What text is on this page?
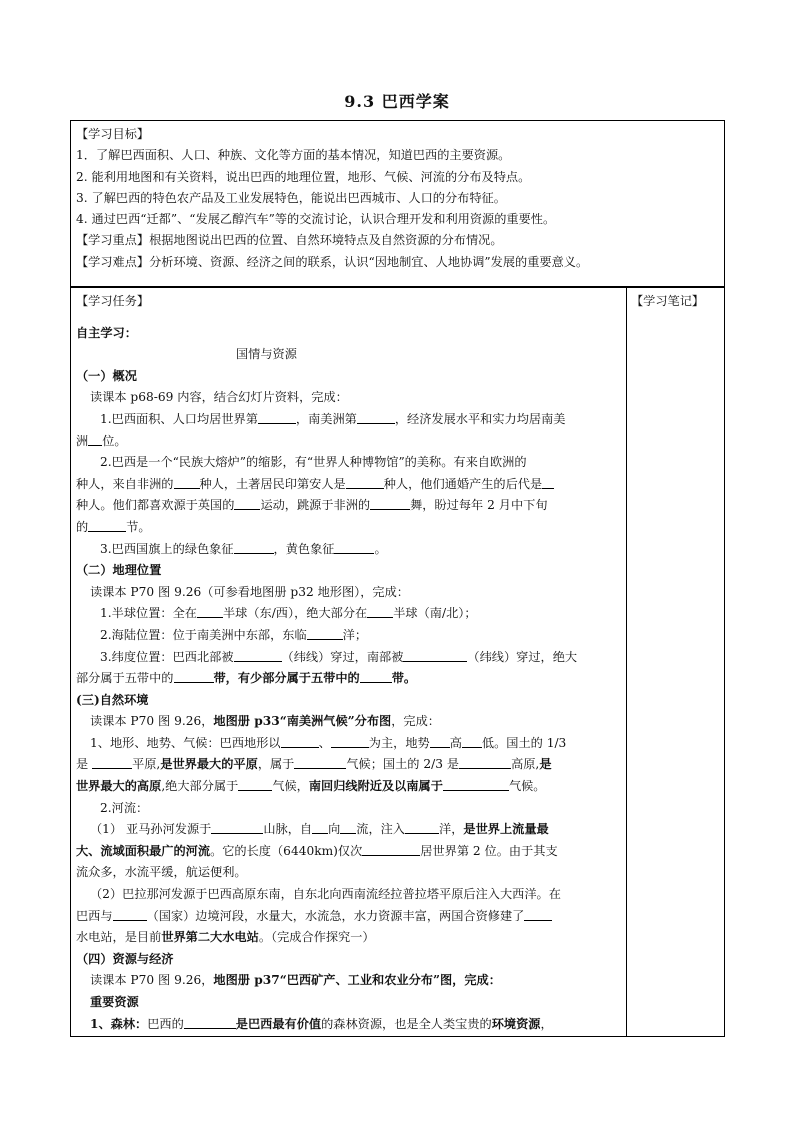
9.3 巴西学案
【学习目标】
1．了解巴西面积、人口、种族、文化等方面的基本情况，知道巴西的主要资源。
2. 能利用地图和有关资料，说出巴西的地理位置，地形、气候、河流的分布及特点。
3. 了解巴西的特色农产品及工业发展特色，能说出巴西城市、人口的分布特征。
4. 通过巴西“迁都”、“发展乙醇汽车”等的交流讨论，认识合理开发和利用资源的重要性。
【学习重点】根据地图说出巴西的位置、自然环境特点及自然资源的分布情况。
【学习难点】分析环境、资源、经济之间的联系，认识“因地制宜、人地协调”发展的重要意义。
【学习任务】
自主学习：
国情与资源
（一）概况
读课本 p68-69 内容，结合幻灯片资料，完成：
1.巴西面积、人口均居世界第	，南美洲第	，经济发展水平和实力均居南美
洲 位。
2.巴西是一个“民族大熔炉”的缩影，有“世界人种博物馆”的美称。有来自欧洲的
种人，来自非洲的 种人，土著居民印第安人是	种人，他们通婚产生的后代是
种人。他们都喜欢源于英国的 运动，跳源于非洲的	舞，盼过每年 2 月中下旬
的	节。
3.巴西国旗上的绿色象征	，黄色象征	。
（二）地理位置
读课本 P70 图 9.26（可参看地图册 p32 地形图），完成：
1.半球位置：全在 半球（东/西），绝大部分在 半球（南/北）；
2.海陆位置：位于南美洲中东部，东临	洋；
3.纬度位置：巴西北部被	（纬线）穿过，南部被	（纬线）穿过，绝大
部分属于五带中的	带，有少部分属于五带中的	带。
(三)自然环境
读课本 P70 图 9.26，地图册 p33“南美洲气候”分布图，完成：
1、地形、地势、气候：巴西地形以	、	为主，地势 高 低。国土的 1/3
是	平原,是世界最大的平原，属于	气候；国土的 2/3 是	高原,是
世界最大的高原,绝大部分属于	气候，南回归线附近及以南属于	气候。
2.河流：
（1） 亚马孙河发源于	山脉，自 向 流，注入	洋，是世界上流量最
大、流域面积最广的河流。它的长度（6440km)仅次	居世界第 2 位。由于其支
流众多，水流平缓，航运便利。
（2）巴拉那河发源于巴西高原东南，自东北向西南流经拉普拉塔平原后注入大西洋。在
巴西与	（国家）边境河段，水量大，水流急，水力资源丰富，两国合资修建了
水电站，是目前世界第二大水电站。（完成合作探究一）
（四）资源与经济
读课本 P70 图 9.26，地图册 p37“巴西矿产、工业和农业分布”图，完成：
重要资源
1、森林：巴西的	是巴西最有价值的森林资源，也是全人类宝贵的环境资源，
【学习笔记】
